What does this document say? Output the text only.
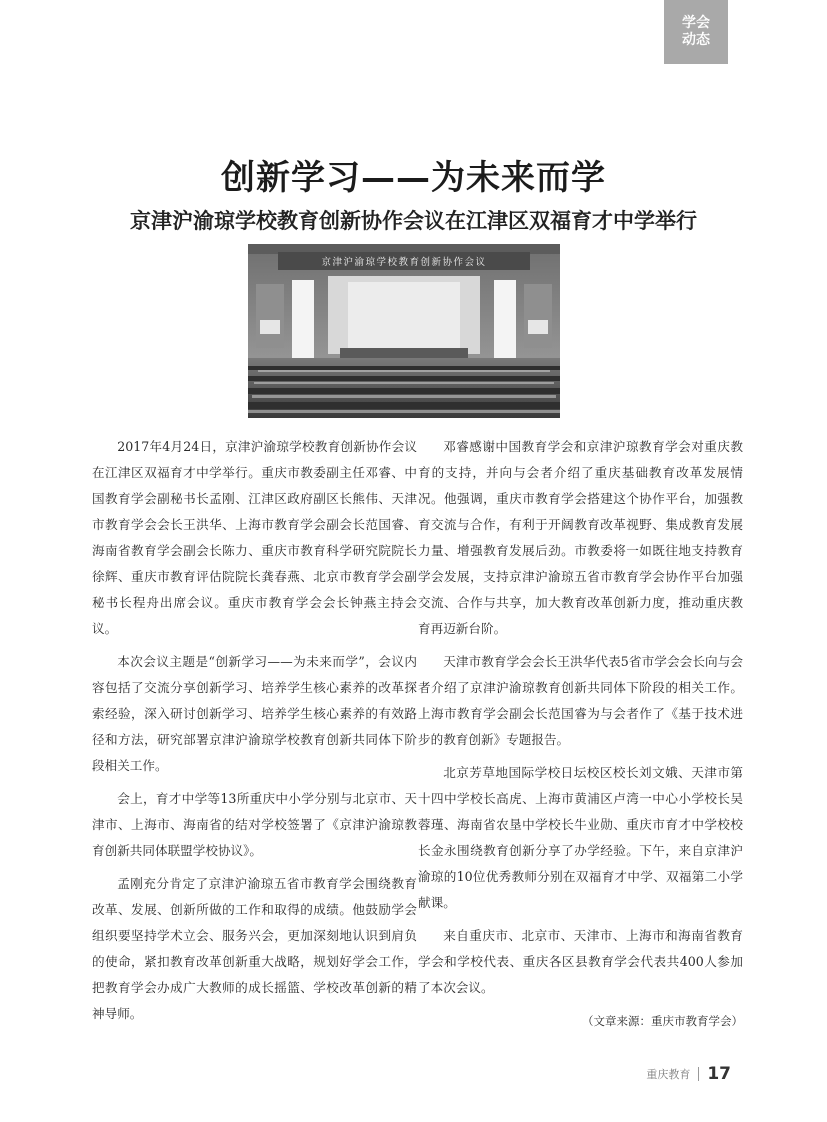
学会
动态
创新学习——为未来而学
京津沪渝琼学校教育创新协作会议在江津区双福育才中学举行
京津沪渝琼学校教育创新协作会议

2017年4月24日，京津沪渝琼学校教育创新协作会议在江津区双福育才中学举行。重庆市教委副主任邓睿、中国教育学会副秘书长孟刚、江津区政府副区长熊伟、天津市教育学会会长王洪华、上海市教育学会副会长范国睿、海南省教育学会副会长陈力、重庆市教育科学研究院院长徐辉、重庆市教育评估院院长龚春燕、北京市教育学会副秘书长程舟出席会议。重庆市教育学会会长钟燕主持会议。

本次会议主题是“创新学习——为未来而学”，会议内容包括了交流分享创新学习、培养学生核心素养的改革探索经验，深入研讨创新学习、培养学生核心素养的有效路径和方法，研究部署京津沪渝琼学校教育创新共同体下阶段相关工作。

会上，育才中学等13所重庆中小学分别与北京市、天津市、上海市、海南省的结对学校签署了《京津沪渝琼教育创新共同体联盟学校协议》。

孟刚充分肯定了京津沪渝琼五省市教育学会围绕教育改革、发展、创新所做的工作和取得的成绩。他鼓励学会组织要坚持学术立会、服务兴会，更加深刻地认识到肩负的使命，紧扣教育改革创新重大战略，规划好学会工作，把教育学会办成广大教师的成长摇篮、学校改革创新的精神导师。

邓睿感谢中国教育学会和京津沪琼教育学会对重庆教育的支持，并向与会者介绍了重庆基础教育改革发展情况。他强调，重庆市教育学会搭建这个协作平台，加强教育交流与合作，有利于开阔教育改革视野、集成教育发展力量、增强教育发展后劲。市教委将一如既往地支持教育学会发展，支持京津沪渝琼五省市教育学会协作平台加强交流、合作与共享，加大教育改革创新力度，推动重庆教育再迈新台阶。

天津市教育学会会长王洪华代表5省市学会会长向与会者介绍了京津沪渝琼教育创新共同体下阶段的相关工作。上海市教育学会副会长范国睿为与会者作了《基于技术进步的教育创新》专题报告。

北京芳草地国际学校日坛校区校长刘文娥、天津市第十四中学校长高虎、上海市黄浦区卢湾一中心小学校长吴蓉瑾、海南省农垦中学校长牛业勋、重庆市育才中学校校长金永围绕教育创新分享了办学经验。下午，来自京津沪渝琼的10位优秀教师分别在双福育才中学、双福第二小学献课。

来自重庆市、北京市、天津市、上海市和海南省教育学会和学校代表、重庆各区县教育学会代表共400人参加了本次会议。

（文章来源：重庆市教育学会）
重庆教育 17
